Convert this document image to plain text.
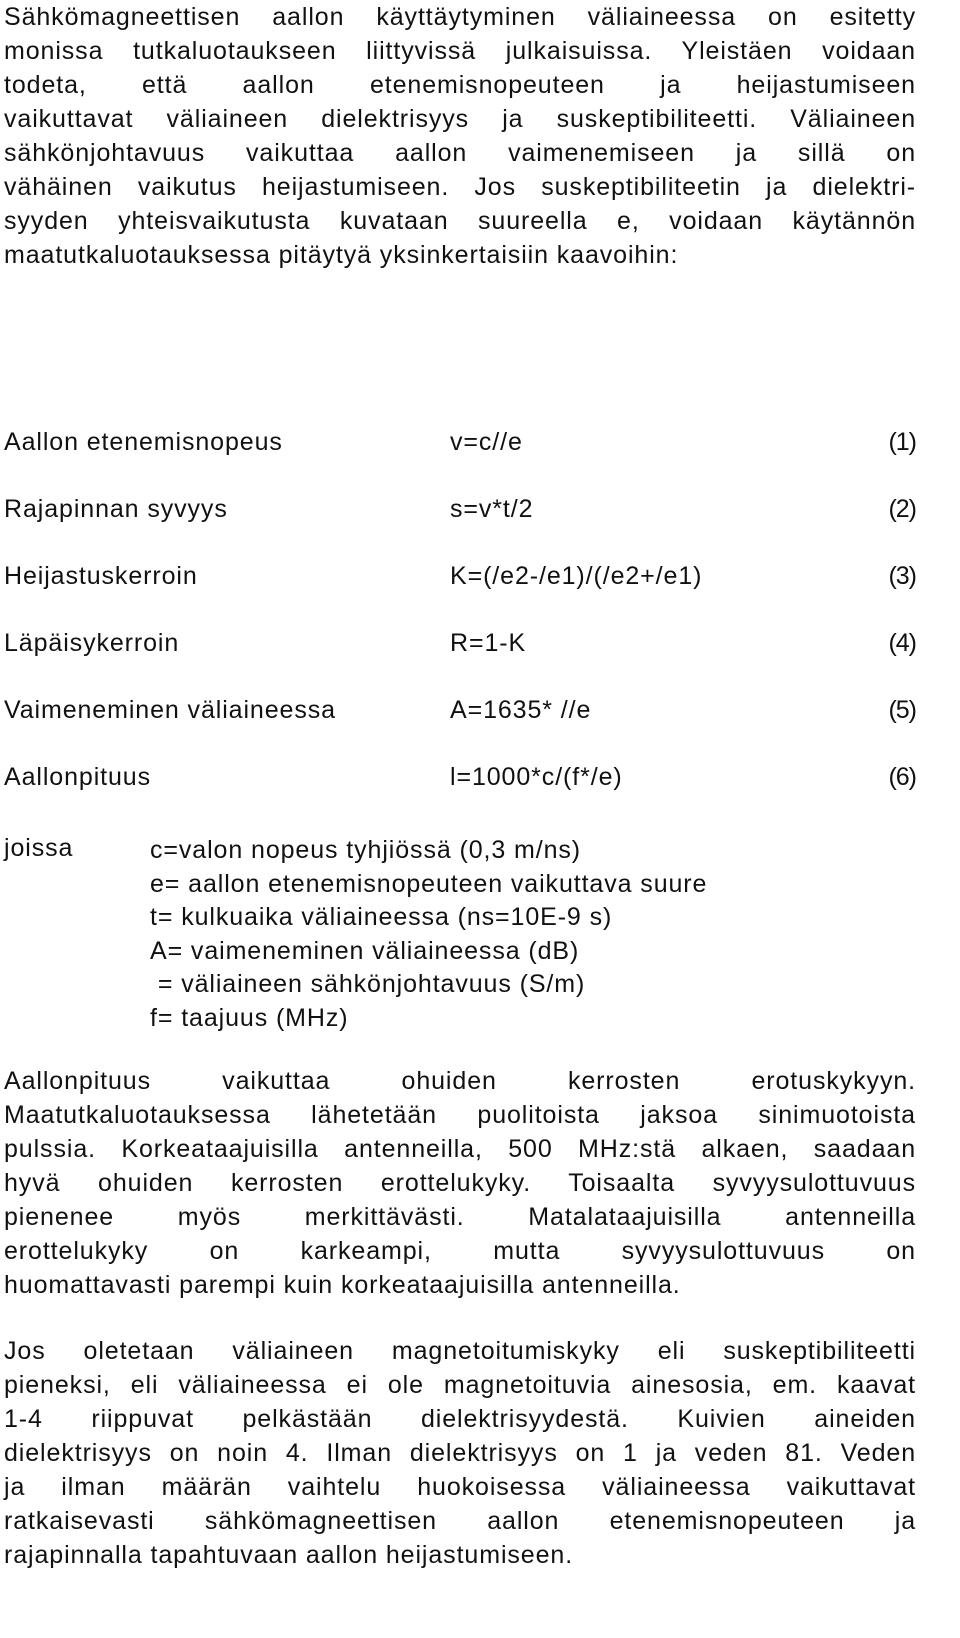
Sähkömagneettisen aallon käyttäytyminen väliaineessa on esitetty
monissa tutkaluotaukseen liittyvissä julkaisuissa. Yleistäen voidaan
todeta, että aallon etenemisnopeuteen ja heijastumiseen
vaikuttavat väliaineen dielektrisyys ja suskeptibiliteetti. Väliaineen
sähkönjohtavuus vaikuttaa aallon vaimenemiseen ja sillä on
vähäinen vaikutus heijastumiseen. Jos suskeptibiliteetin ja dielektri-
syyden yhteisvaikutusta kuvataan suureella e, voidaan käytännön
maatutkaluotauksessa pitäytyä yksinkertaisiin kaavoihin:
Aallon etenemisnopeus	v=c//e	(1)
Rajapinnan syvyys	s=v*t/2	(2)
Heijastuskerroin	K=(/e2-/e1)/(/e2+/e1)	(3)
Läpäisykerroin	R=1-K	(4)
Vaimeneminen väliaineessa	A=1635* //e	(5)
Aallonpituus	l=1000*c/(f*/e)	(6)
joissa	c=valon nopeus tyhjiössä (0,3 m/ns)
e= aallon etenemisnopeuteen vaikuttava suure
t= kulkuaika väliaineessa (ns=10E-9 s)
A= vaimeneminen väliaineessa (dB)
= väliaineen sähkönjohtavuus (S/m)
f= taajuus (MHz)
Aallonpituus vaikuttaa ohuiden kerrosten erotuskykyyn.
Maatutkaluotauksessa lähetetään puolitoista jaksoa sinimuotoista
pulssia. Korkeataajuisilla antenneilla, 500 MHz:stä alkaen, saadaan
hyvä ohuiden kerrosten erottelukyky. Toisaalta syvyysulottuvuus
pienenee myös merkittävästi. Matalataajuisilla antenneilla
erottelukyky on karkeampi, mutta syvyysulottuvuus on
huomattavasti parempi kuin korkeataajuisilla antenneilla.
Jos oletetaan väliaineen magnetoitumiskyky eli suskeptibiliteetti
pieneksi, eli väliaineessa ei ole magnetoituvia ainesosia, em. kaavat
1-4 riippuvat pelkästään dielektrisyydestä. Kuivien aineiden
dielektrisyys on noin 4. Ilman dielektrisyys on 1 ja veden 81. Veden
ja ilman määrän vaihtelu huokoisessa väliaineessa vaikuttavat
ratkaisevasti sähkömagneettisen aallon etenemisnopeuteen ja
rajapinnalla tapahtuvaan aallon heijastumiseen.
